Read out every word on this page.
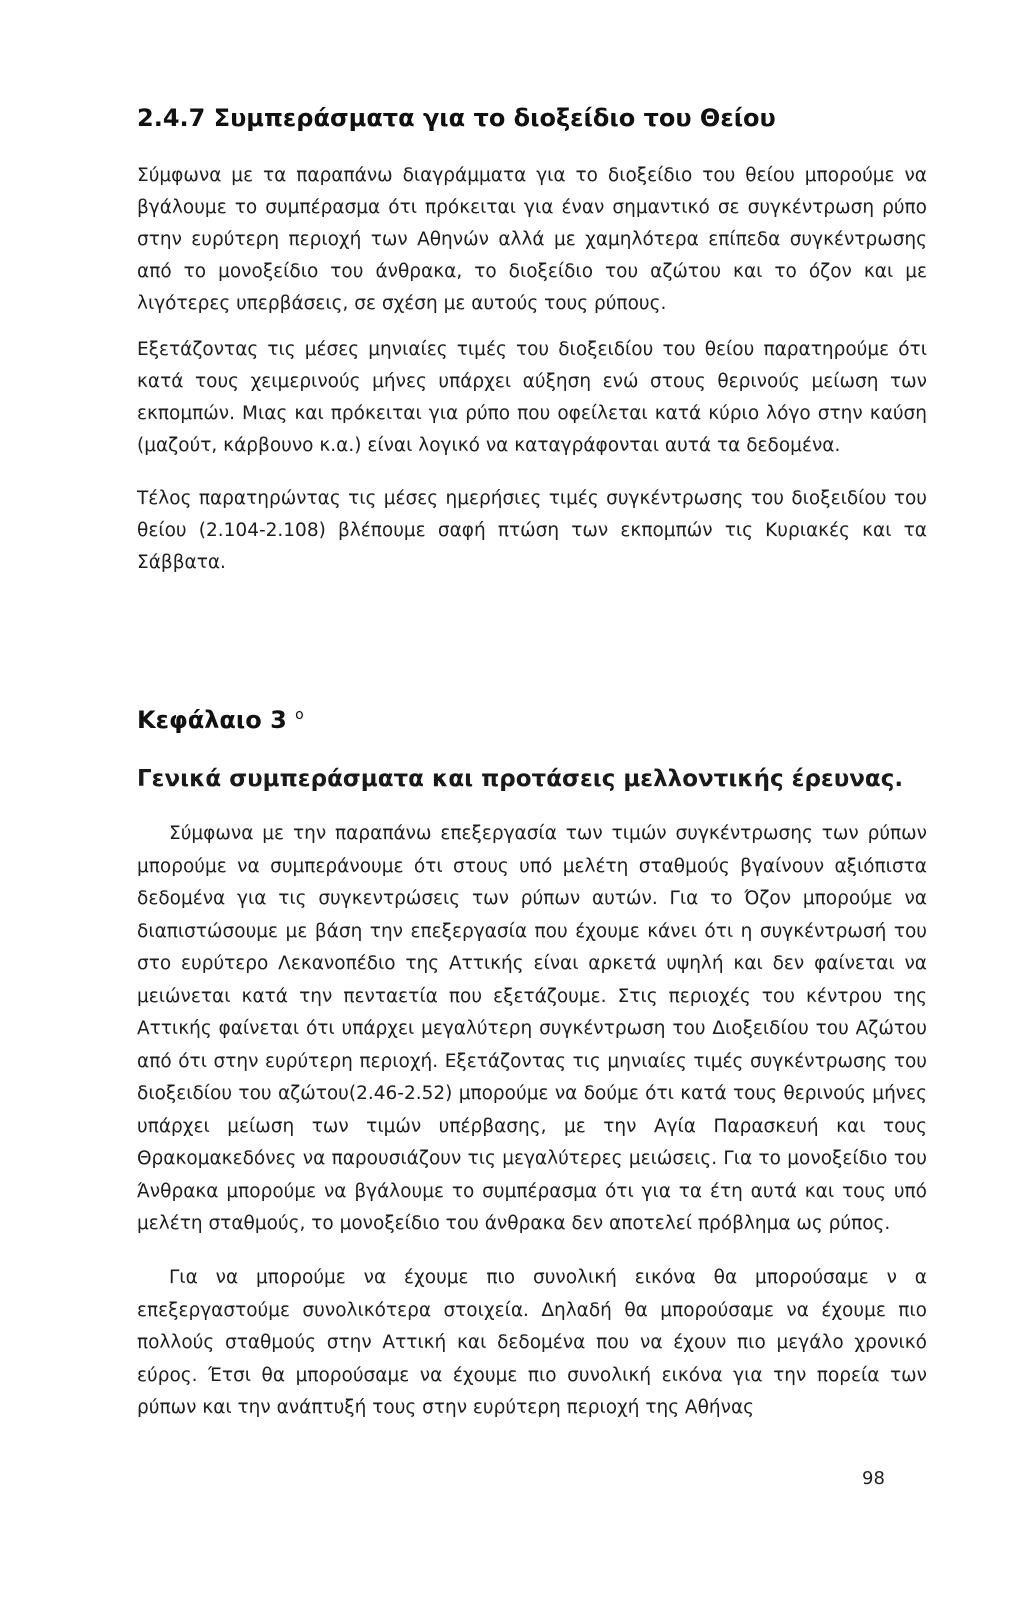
2.4.7 Συμπεράσματα για το διοξείδιο του Θείου

Σύμφωνα με τα παραπάνω διαγράμματα για το διοξείδιο του θείου μπορούμε να βγάλουμε το συμπέρασμα ότι πρόκειται για έναν σημαντικό σε συγκέντρωση ρύπο στην ευρύτερη περιοχή των Αθηνών αλλά με χαμηλότερα επίπεδα συγκέντρωσης από το μονοξείδιο του άνθρακα, το διοξείδιο του αζώτου και το όζον και με λιγότερες υπερβάσεις, σε σχέση με αυτούς τους ρύπους.

Εξετάζοντας τις μέσες μηνιαίες τιμές του διοξειδίου του θείου παρατηρούμε ότι κατά τους χειμερινούς μήνες υπάρχει αύξηση ενώ στους θερινούς μείωση των εκπομπών. Μιας και πρόκειται για ρύπο που οφείλεται κατά κύριο λόγο στην καύση (μαζούτ, κάρβουνο κ.α.) είναι λογικό να καταγράφονται αυτά τα δεδομένα.

Τέλος παρατηρώντας τις μέσες ημερήσιες τιμές συγκέντρωσης του διοξειδίου του θείου (2.104-2.108) βλέπουμε σαφή πτώση των εκπομπών τις Κυριακές και τα Σάββατα.

Κεφάλαιο 3 $^o$
Γενικά συμπεράσματα και προτάσεις μελλοντικής έρευνας.

Σύμφωνα με την παραπάνω επεξεργασία των τιμών συγκέντρωσης των ρύπων μπορούμε να συμπεράνουμε ότι στους υπό μελέτη σταθμούς βγαίνουν αξιόπιστα δεδομένα για τις συγκεντρώσεις των ρύπων αυτών. Για το Όζον μπορούμε να διαπιστώσουμε με βάση την επεξεργασία που έχουμε κάνει ότι η συγκέντρωσή του στο ευρύτερο Λεκανοπέδιο της Αττικής είναι αρκετά υψηλή και δεν φαίνεται να μειώνεται κατά την πενταετία που εξετάζουμε. Στις περιοχές του κέντρου της Αττικής φαίνεται ότι υπάρχει μεγαλύτερη συγκέντρωση του Διοξειδίου του Αζώτου από ότι στην ευρύτερη περιοχή. Εξετάζοντας τις μηνιαίες τιμές συγκέντρωσης του διοξειδίου του αζώτου(2.46-2.52) μπορούμε να δούμε ότι κατά τους θερινούς μήνες υπάρχει μείωση των τιμών υπέρβασης, με την Αγία Παρασκευή και τους Θρακομακεδόνες να παρουσιάζουν τις μεγαλύτερες μειώσεις. Για το μονοξείδιο του Άνθρακα μπορούμε να βγάλουμε το συμπέρασμα ότι για τα έτη αυτά και τους υπό μελέτη σταθμούς, το μονοξείδιο του άνθρακα δεν αποτελεί πρόβλημα ως ρύπος.

Για να μπορούμε να έχουμε πιο συνολική εικόνα θα μπορούσαμε ν α επεξεργαστούμε συνολικότερα στοιχεία. Δηλαδή θα μπορούσαμε να έχουμε πιο πολλούς σταθμούς στην Αττική και δεδομένα που να έχουν πιο μεγάλο χρονικό εύρος. Έτσι θα μπορούσαμε να έχουμε πιο συνολική εικόνα για την πορεία των ρύπων και την ανάπτυξή τους στην ευρύτερη περιοχή της Αθήνας

98
